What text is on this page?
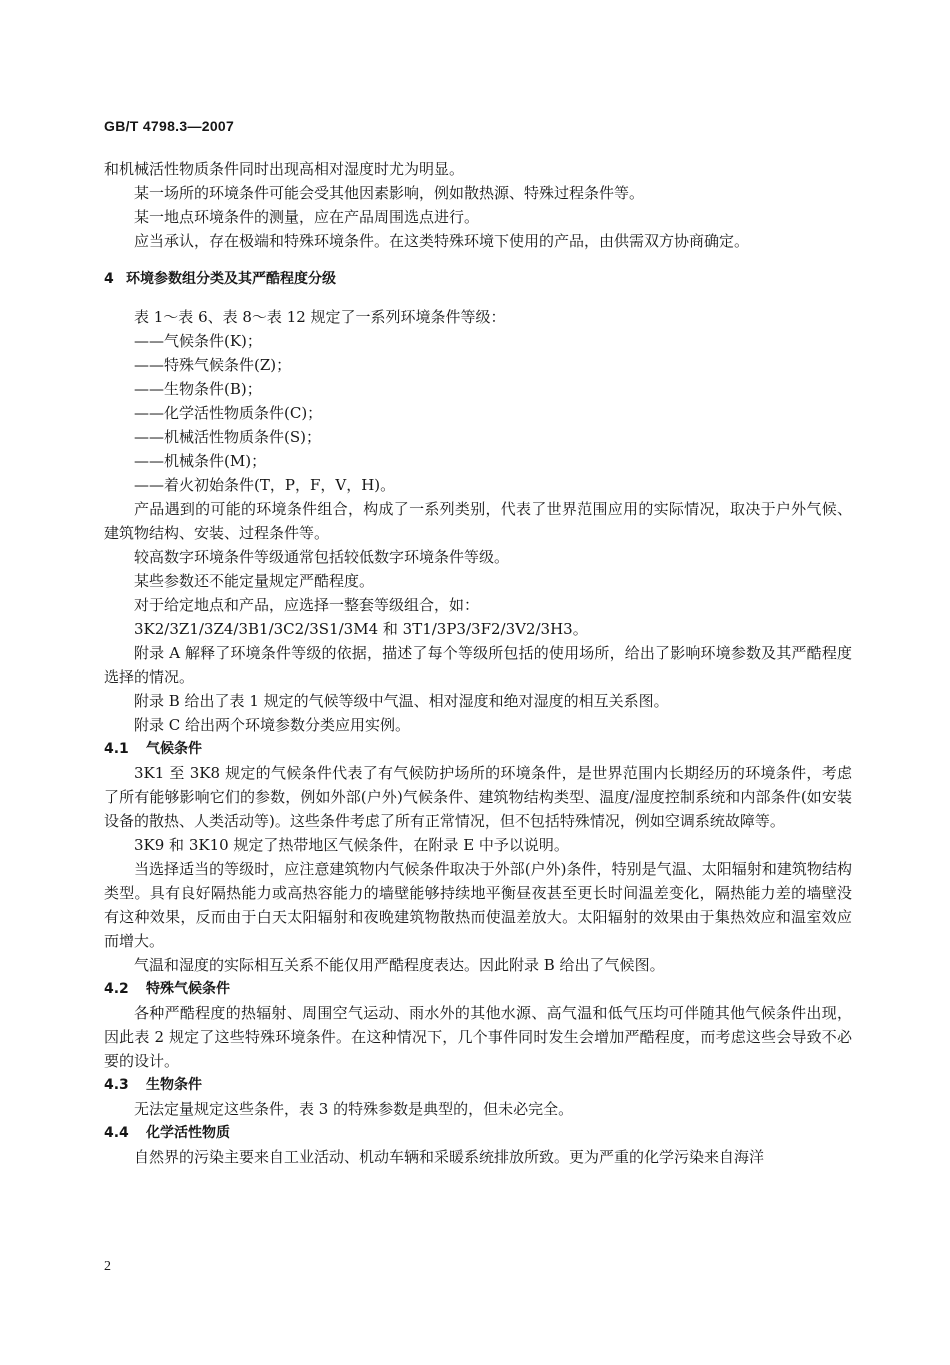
GB/T 4798.3—2007

和机械活性物质条件同时出现高相对湿度时尤为明显。

某一场所的环境条件可能会受其他因素影响，例如散热源、特殊过程条件等。

某一地点环境条件的测量，应在产品周围选点进行。

应当承认，存在极端和特殊环境条件。在这类特殊环境下使用的产品，由供需双方协商确定。

4 环境参数组分类及其严酷程度分级

表 1～表 6、表 8～表 12 规定了一系列环境条件等级：

——气候条件(K)；

——特殊气候条件(Z)；

——生物条件(B)；

——化学活性物质条件(C)；

——机械活性物质条件(S)；

——机械条件(M)；

——着火初始条件(T，P，F，V，H)。

产品遇到的可能的环境条件组合，构成了一系列类别，代表了世界范围应用的实际情况，取决于户外气候、建筑物结构、安装、过程条件等。

较高数字环境条件等级通常包括较低数字环境条件等级。

某些参数还不能定量规定严酷程度。

对于给定地点和产品，应选择一整套等级组合，如：

3K2/3Z1/3Z4/3B1/3C2/3S1/3M4 和 3T1/3P3/3F2/3V2/3H3。

附录 A 解释了环境条件等级的依据，描述了每个等级所包括的使用场所，给出了影响环境参数及其严酷程度选择的情况。

附录 B 给出了表 1 规定的气候等级中气温、相对湿度和绝对湿度的相互关系图。

附录 C 给出两个环境参数分类应用实例。

4.1 气候条件

3K1 至 3K8 规定的气候条件代表了有气候防护场所的环境条件，是世界范围内长期经历的环境条件，考虑了所有能够影响它们的参数，例如外部(户外)气候条件、建筑物结构类型、温度/湿度控制系统和内部条件(如安装设备的散热、人类活动等)。这些条件考虑了所有正常情况，但不包括特殊情况，例如空调系统故障等。

3K9 和 3K10 规定了热带地区气候条件，在附录 E 中予以说明。

当选择适当的等级时，应注意建筑物内气候条件取决于外部(户外)条件，特别是气温、太阳辐射和建筑物结构类型。具有良好隔热能力或高热容能力的墙壁能够持续地平衡昼夜甚至更长时间温差变化，隔热能力差的墙壁没有这种效果，反而由于白天太阳辐射和夜晚建筑物散热而使温差放大。太阳辐射的效果由于集热效应和温室效应而增大。

气温和湿度的实际相互关系不能仅用严酷程度表达。因此附录 B 给出了气候图。

4.2 特殊气候条件

各种严酷程度的热辐射、周围空气运动、雨水外的其他水源、高气温和低气压均可伴随其他气候条件出现，因此表 2 规定了这些特殊环境条件。在这种情况下，几个事件同时发生会增加严酷程度，而考虑这些会导致不必要的设计。

4.3 生物条件

无法定量规定这些条件，表 3 的特殊参数是典型的，但未必完全。

4.4 化学活性物质

自然界的污染主要来自工业活动、机动车辆和采暖系统排放所致。更为严重的化学污染来自海洋

2
